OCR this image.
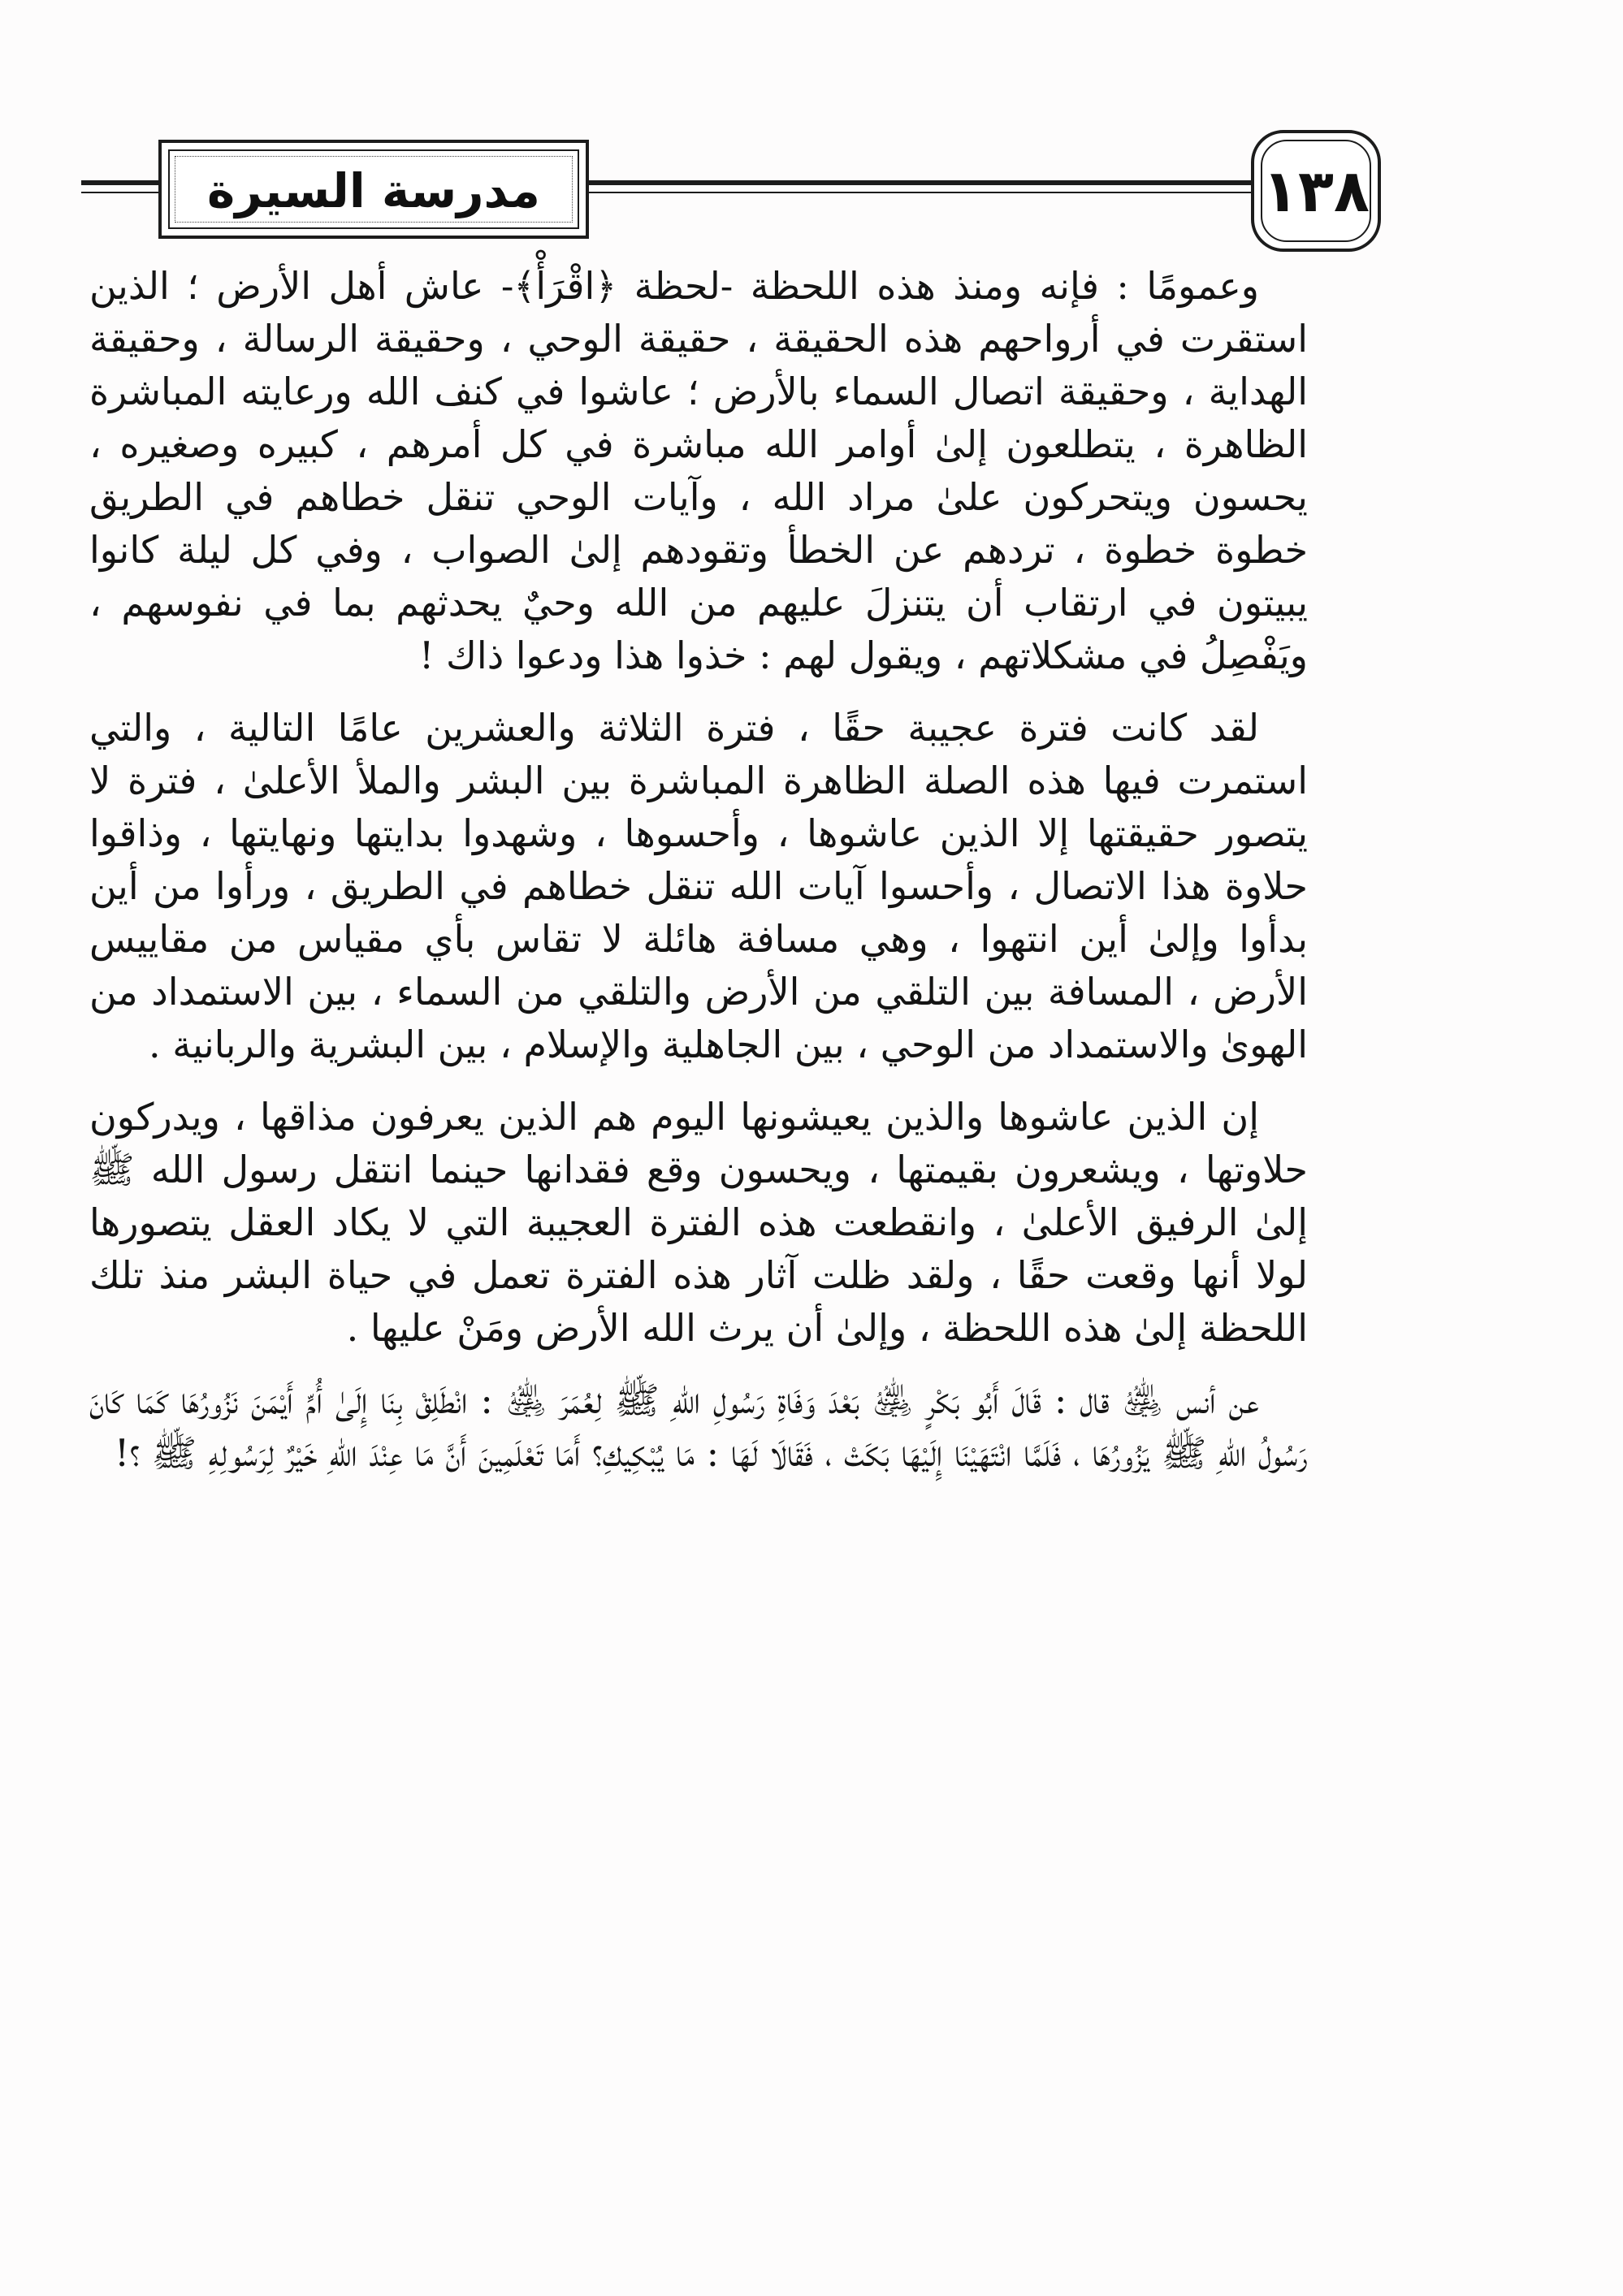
مدرسة السيرة	١٣٨

وعمومًا : فإنه ومنذ هذه اللحظة -لحظة ﴿اقْرَأْ﴾- عاش أهل الأرض ؛ الذين استقرت في أرواحهم هذه الحقيقة ، حقيقة الوحي ، وحقيقة الرسالة ، وحقيقة الهداية ، وحقيقة اتصال السماء بالأرض ؛ عاشوا في كنف الله ورعايته المباشرة الظاهرة ، يتطلعون إلىٰ أوامر الله مباشرة في كل أمرهم ، كبيره وصغيره ، يحسون ويتحركون علىٰ مراد الله ، وآيات الوحي تنقل خطاهم في الطريق خطوة خطوة ، تردهم عن الخطأ وتقودهم إلىٰ الصواب ، وفي كل ليلة كانوا يبيتون في ارتقاب أن يتنزلَ عليهم من الله وحيٌ يحدثهم بما في نفوسهم ، ويَفْصِلُ في مشكلاتهم ، ويقول لهم : خذوا هذا ودعوا ذاك !

لقد كانت فترة عجيبة حقًا ، فترة الثلاثة والعشرين عامًا التالية ، والتي استمرت فيها هذه الصلة الظاهرة المباشرة بين البشر والملأ الأعلىٰ ، فترة لا يتصور حقيقتها إلا الذين عاشوها ، وأحسوها ، وشهدوا بدايتها ونهايتها ، وذاقوا حلاوة هذا الاتصال ، وأحسوا آيات الله تنقل خطاهم في الطريق ، ورأوا من أين بدأوا وإلىٰ أين انتهوا ، وهي مسافة هائلة لا تقاس بأي مقياس من مقاييس الأرض ، المسافة بين التلقي من الأرض والتلقي من السماء ، بين الاستمداد من الهوىٰ والاستمداد من الوحي ، بين الجاهلية والإسلام ، بين البشرية والربانية .

إن الذين عاشوها والذين يعيشونها اليوم هم الذين يعرفون مذاقها ، ويدركون حلاوتها ، ويشعرون بقيمتها ، ويحسون وقع فقدانها حينما انتقل رسول الله ﷺ إلىٰ الرفيق الأعلىٰ ، وانقطعت هذه الفترة العجيبة التي لا يكاد العقل يتصورها لولا أنها وقعت حقًا ، ولقد ظلت آثار هذه الفترة تعمل في حياة البشر منذ تلك اللحظة إلىٰ هذه اللحظة ، وإلىٰ أن يرث الله الأرض ومَنْ عليها .

عن أنس ﵁ قال : قَالَ أَبُو بَكْرٍ ﵁ بَعْدَ وَفَاةِ رَسُولِ اللهِ ﷺ لِعُمَرَ ﵁ : انْطَلِقْ بِنَا إِلَىٰ أُمِّ أَيْمَنَ نَزُورُهَا كَمَا كَانَ رَسُولُ اللهِ ﷺ يَزُورُهَا ، فَلَمَّا انْتَهَيْنَا إِلَيْهَا بَكَتْ ، فَقَالَا لَهَا : مَا يُبْكِيكِ؟ أَمَا تَعْلَمِينَ أَنَّ مَا عِنْدَ اللهِ خَيْرٌ لِرَسُولِهِ ﷺ ؟!
